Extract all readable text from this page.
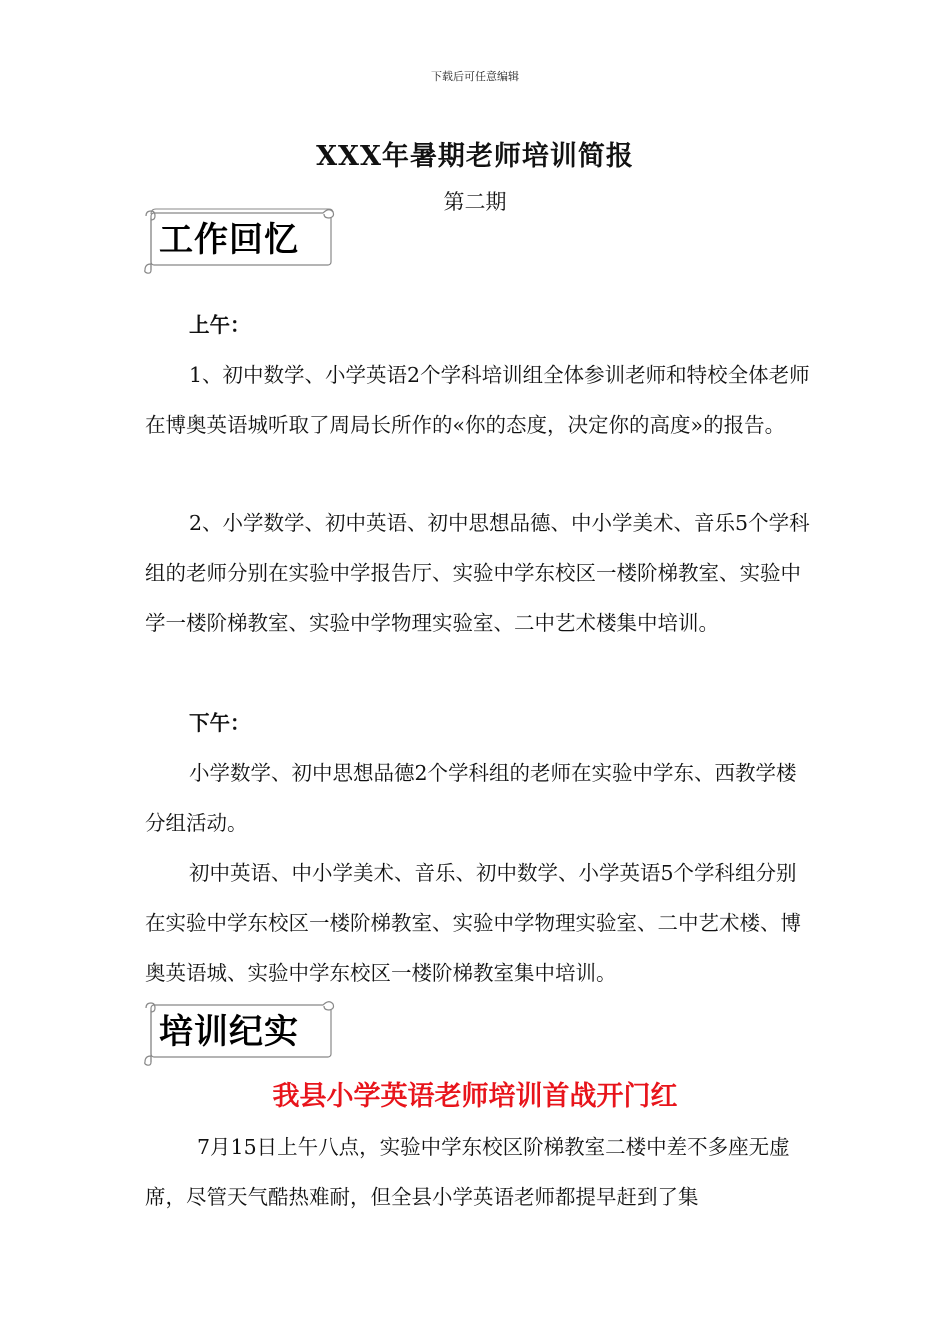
下载后可任意编辑
XXX年暑期老师培训简报
第二期
工作回忆
上午：
1、初中数学、小学英语2个学科培训组全体参训老师和特校全体老师在博奥英语城听取了周局长所作的«你的态度，决定你的高度»的报告。
2、小学数学、初中英语、初中思想品德、中小学美术、音乐5个学科组的老师分别在实验中学报告厅、实验中学东校区一楼阶梯教室、实验中学一楼阶梯教室、实验中学物理实验室、二中艺术楼集中培训。
下午：
小学数学、初中思想品德2个学科组的老师在实验中学东、西教学楼分组活动。
初中英语、中小学美术、音乐、初中数学、小学英语5个学科组分别在实验中学东校区一楼阶梯教室、实验中学物理实验室、二中艺术楼、博奥英语城、实验中学东校区一楼阶梯教室集中培训。
培训纪实
我县小学英语老师培训首战开门红
7月15日上午八点，实验中学东校区阶梯教室二楼中差不多座无虚席，尽管天气酷热难耐，但全县小学英语老师都提早赶到了集
